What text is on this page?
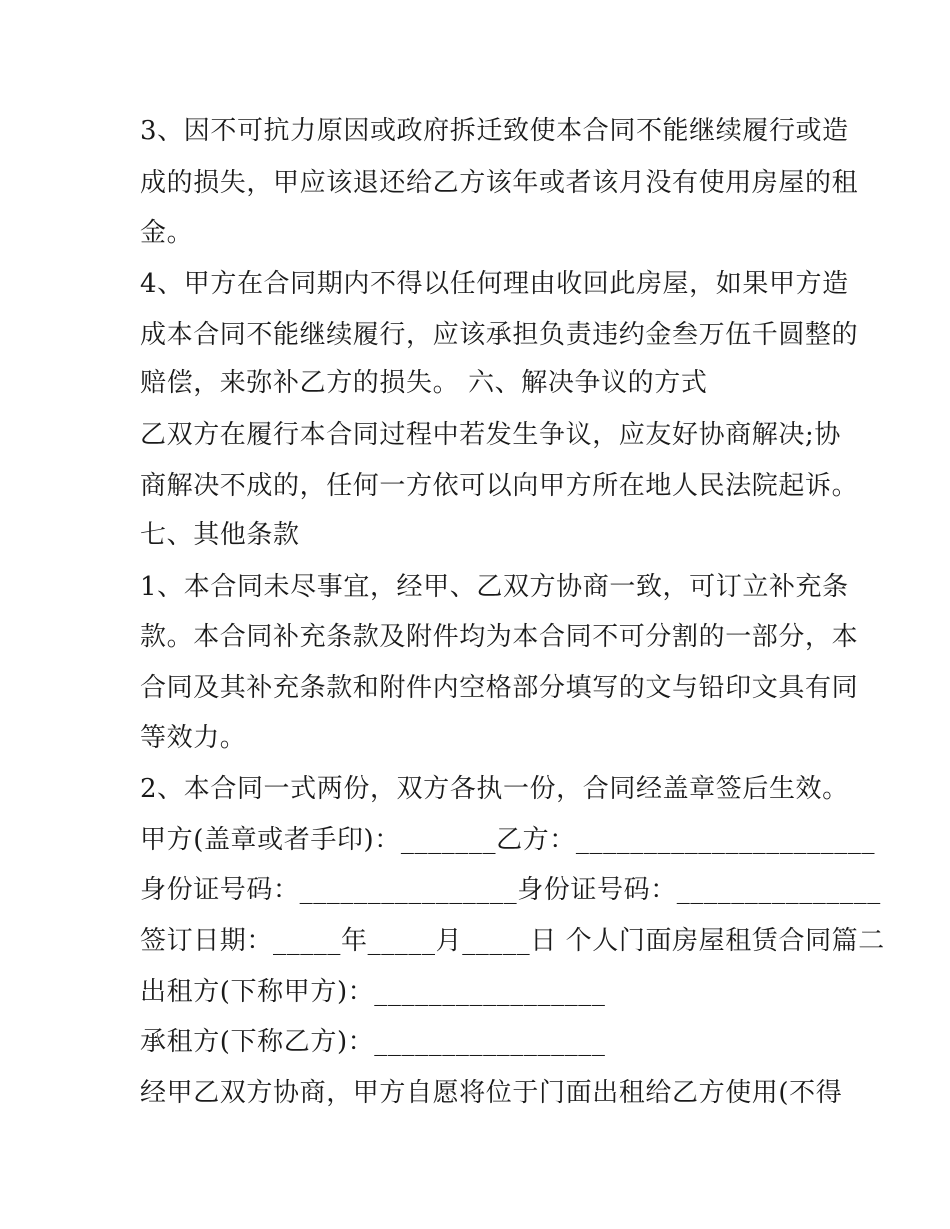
3、因不可抗力原因或政府拆迁致使本合同不能继续履行或造
成的损失，甲应该退还给乙方该年或者该月没有使用房屋的租
金。
4、甲方在合同期内不得以任何理由收回此房屋，如果甲方造
成本合同不能继续履行，应该承担负责违约金叁万伍千圆整的
赔偿，来弥补乙方的损失。 六、解决争议的方式
乙双方在履行本合同过程中若发生争议，应友好协商解决;协
商解决不成的，任何一方依可以向甲方所在地人民法院起诉。
七、其他条款
1、本合同未尽事宜，经甲、乙双方协商一致，可订立补充条
款。本合同补充条款及附件均为本合同不可分割的一部分，本
合同及其补充条款和附件内空格部分填写的文与铅印文具有同
等效力。
2、本合同一式两份，双方各执一份，合同经盖章签后生效。
甲方(盖章或者手印)：_______乙方：______________________
身份证号码：________________身份证号码：_______________
签订日期：_____年_____月_____日 个人门面房屋租赁合同篇二
出租方(下称甲方)：_________________
承租方(下称乙方)：_________________
经甲乙双方协商，甲方自愿将位于门面出租给乙方使用(不得
